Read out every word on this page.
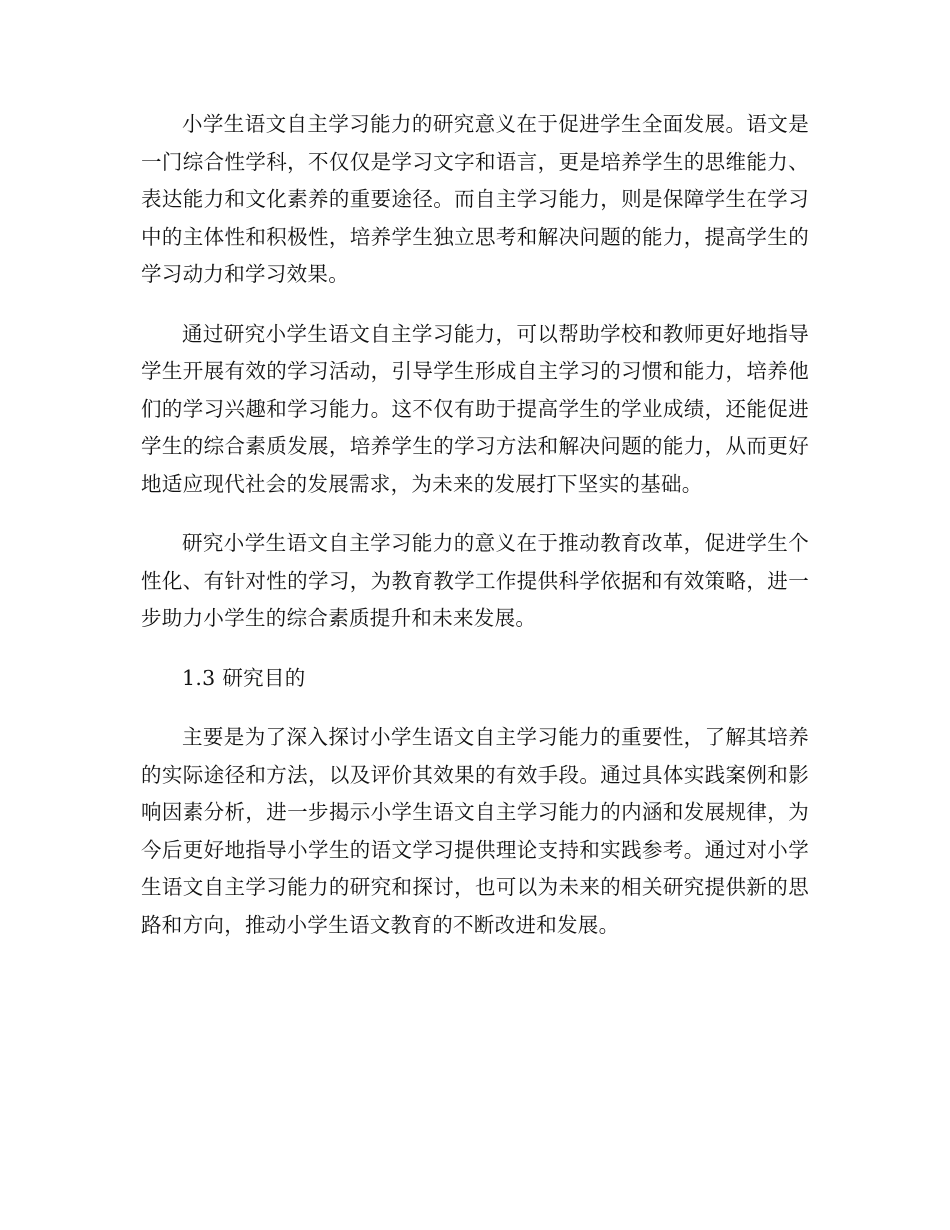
小学生语文自主学习能力的研究意义在于促进学生全面发展。语文是一门综合性学科，不仅仅是学习文字和语言，更是培养学生的思维能力、表达能力和文化素养的重要途径。而自主学习能力，则是保障学生在学习中的主体性和积极性，培养学生独立思考和解决问题的能力，提高学生的学习动力和学习效果。

通过研究小学生语文自主学习能力，可以帮助学校和教师更好地指导学生开展有效的学习活动，引导学生形成自主学习的习惯和能力，培养他们的学习兴趣和学习能力。这不仅有助于提高学生的学业成绩，还能促进学生的综合素质发展，培养学生的学习方法和解决问题的能力，从而更好地适应现代社会的发展需求，为未来的发展打下坚实的基础。

研究小学生语文自主学习能力的意义在于推动教育改革，促进学生个性化、有针对性的学习，为教育教学工作提供科学依据和有效策略，进一步助力小学生的综合素质提升和未来发展。

1.3 研究目的

主要是为了深入探讨小学生语文自主学习能力的重要性，了解其培养的实际途径和方法，以及评价其效果的有效手段。通过具体实践案例和影响因素分析，进一步揭示小学生语文自主学习能力的内涵和发展规律，为今后更好地指导小学生的语文学习提供理论支持和实践参考。通过对小学生语文自主学习能力的研究和探讨，也可以为未来的相关研究提供新的思路和方向，推动小学生语文教育的不断改进和发展。
